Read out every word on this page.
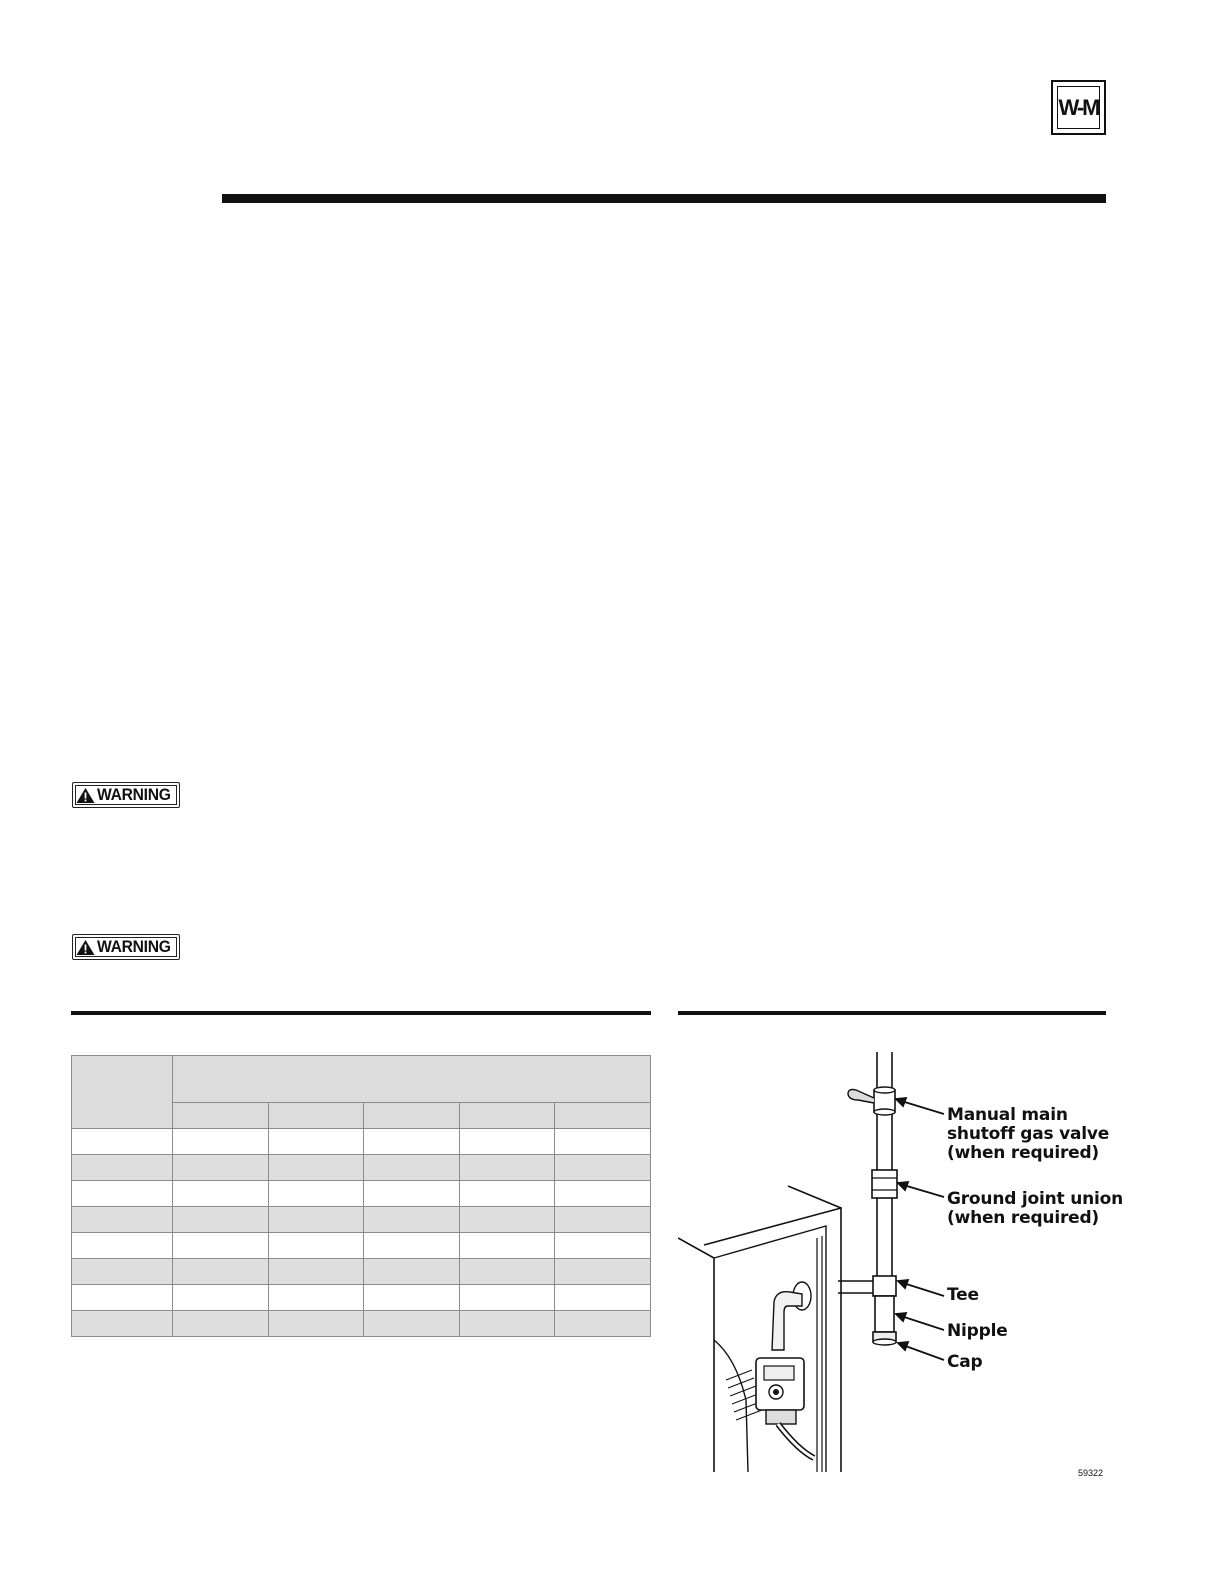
W-M
WARNING
WARNING

Manual main
shutoff gas valve
(when required)
Ground joint union
(when required)
Tee
Nipple
Cap
59322
